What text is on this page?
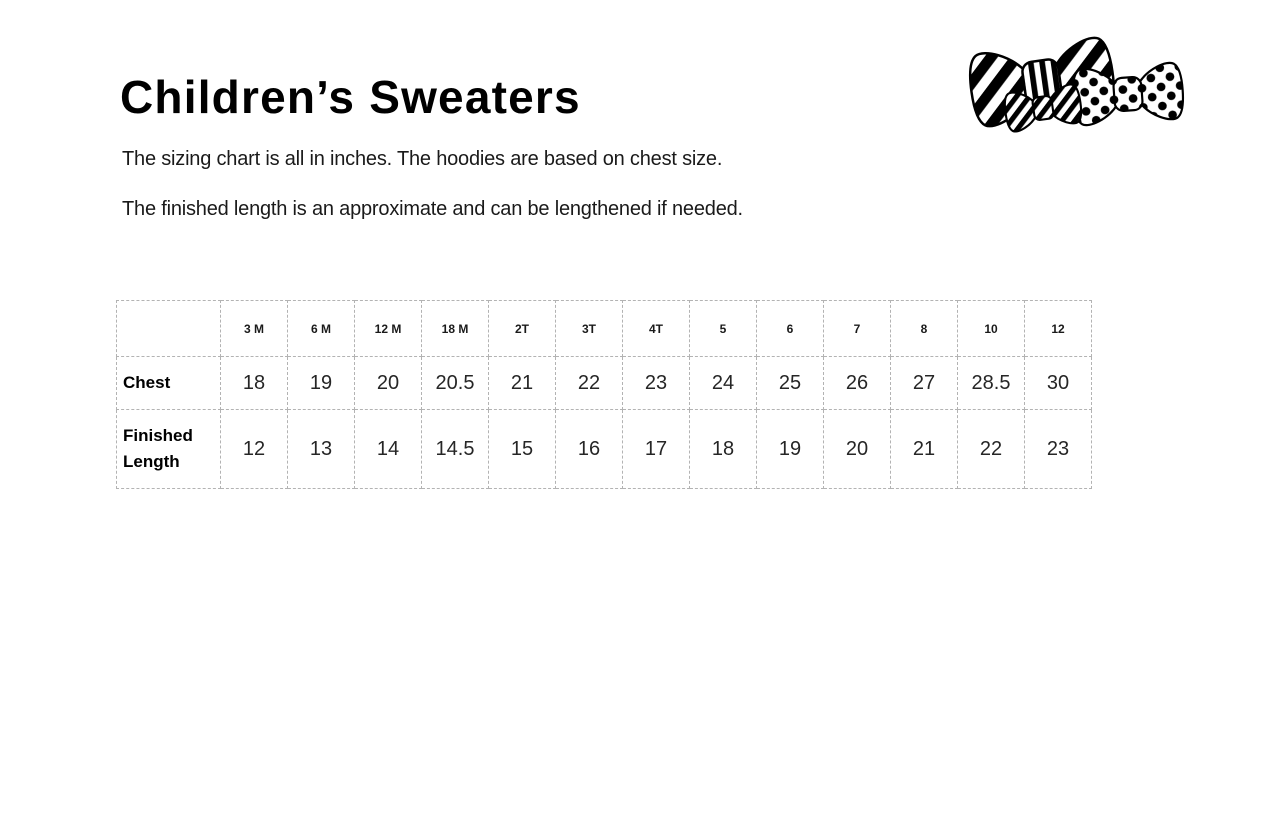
Children’s Sweaters

The sizing chart is all in inches. The hoodies are based on chest size.

The finished length is an approximate and can be lengthened if needed.

	3 M	6 M	12 M	18 M	2T	3T	4T	5	6	7	8	10	12
Chest	18	19	20	20.5	21	22	23	24	25	26	27	28.5	30
Finished Length	12	13	14	14.5	15	16	17	18	19	20	21	22	23
